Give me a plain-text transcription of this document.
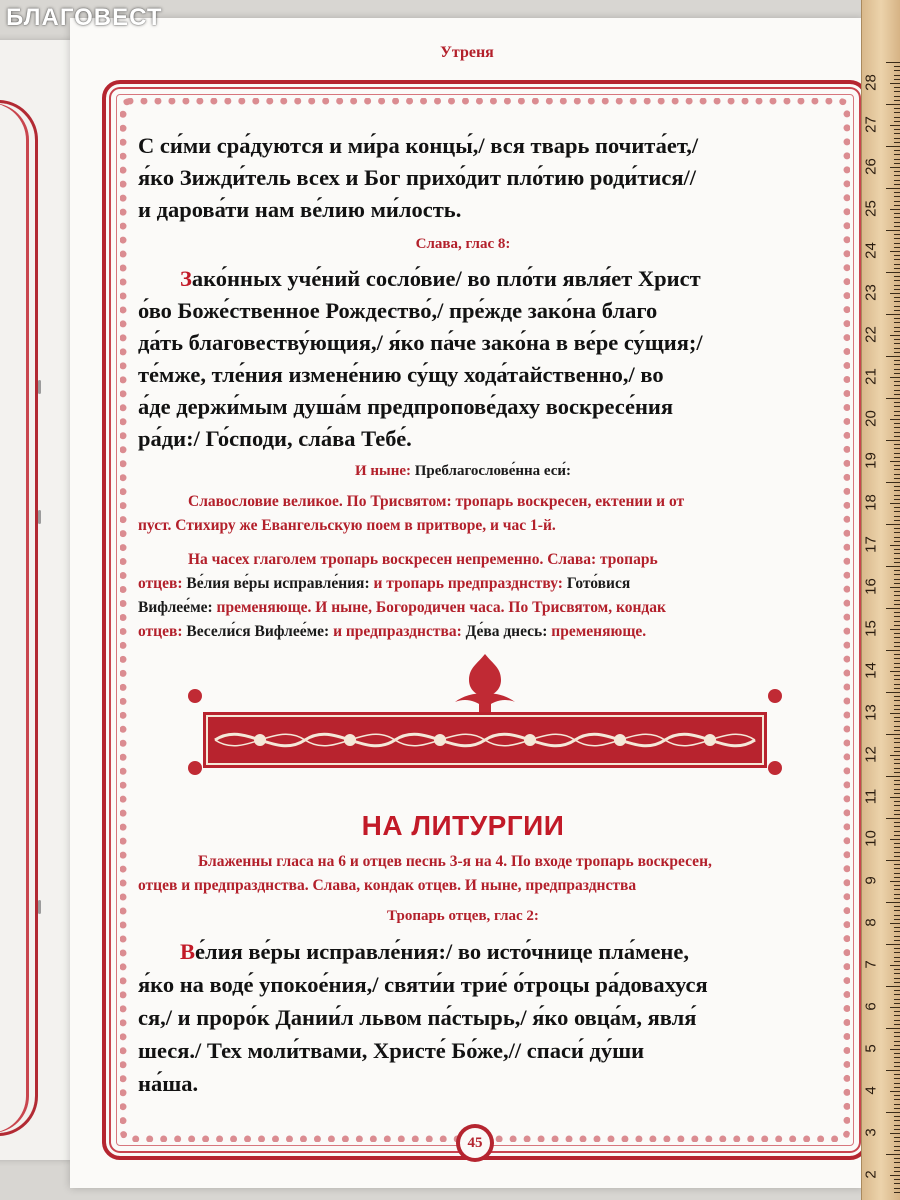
БЛАГОВЕСТ
Утреня

С си́ми сра́дуются и ми́ра концы́,/ вся тварь почита́ет,/
я́ко Зижди́тель всех и Бог прихо́дит пло́тию роди́тися//
и дарова́ти нам ве́лию ми́лость.

Слава, глас 8:

Зако́нных уче́ний сосло́вие/ во пло́ти явля́ет Христ
о́во Боже́ственное Рождество́,/ пре́жде зако́на благо
да́ть благовеству́ющия,/ я́ко па́че зако́на в ве́ре су́щия;/
те́мже, тле́ния измене́нию су́щу хода́тайственно,/ во
а́де держи́мым душа́м предпропове́даху воскресе́ния
ра́ди:/ Го́споди, сла́ва Тебе́.

И ныне: Преблагослове́нна еси́:

Славословие великое. По Трисвятом: тропарь воскресен, ектении и от
пуст. Стихиру же Евангельскую поем в притворе, и час 1-й.

На часех глаголем тропарь воскресен непременно. Слава: тропарь
отцев: Ве́лия ве́ры исправле́ния: и тропарь предпразднству: Гото́вися
Вифлее́ме: пременяюще. И ныне, Богородичен часа. По Трисвятом, кондак
отцев: Весели́ся Вифлее́ме: и предпразднства: Де́ва днесь: пременяюще.

НА ЛИТУРГИИ

Блаженны гласа на 6 и отцев песнь 3-я на 4. По входе тропарь воскресен,
отцев и предпразднства. Слава, кондак отцев. И ныне, предпразднства

Тропарь отцев, глас 2:

Ве́лия ве́ры исправле́ния:/ во исто́чнице пла́мене,
я́ко на воде́ упокое́ния,/ святи́и трие́ о́троцы ра́довахуся
ся,/ и проро́к Дании́л львом па́стырь,/ я́ко овца́м, явля́
шеся./ Тех моли́твами, Христе́ Бо́же,// спаси́ ду́ши
на́ша.

45
28
27
26
25
24
23
22
21
20
19
18
17
16
15
14
13
12
11
10
9
8
7
6
5
4
3
2
